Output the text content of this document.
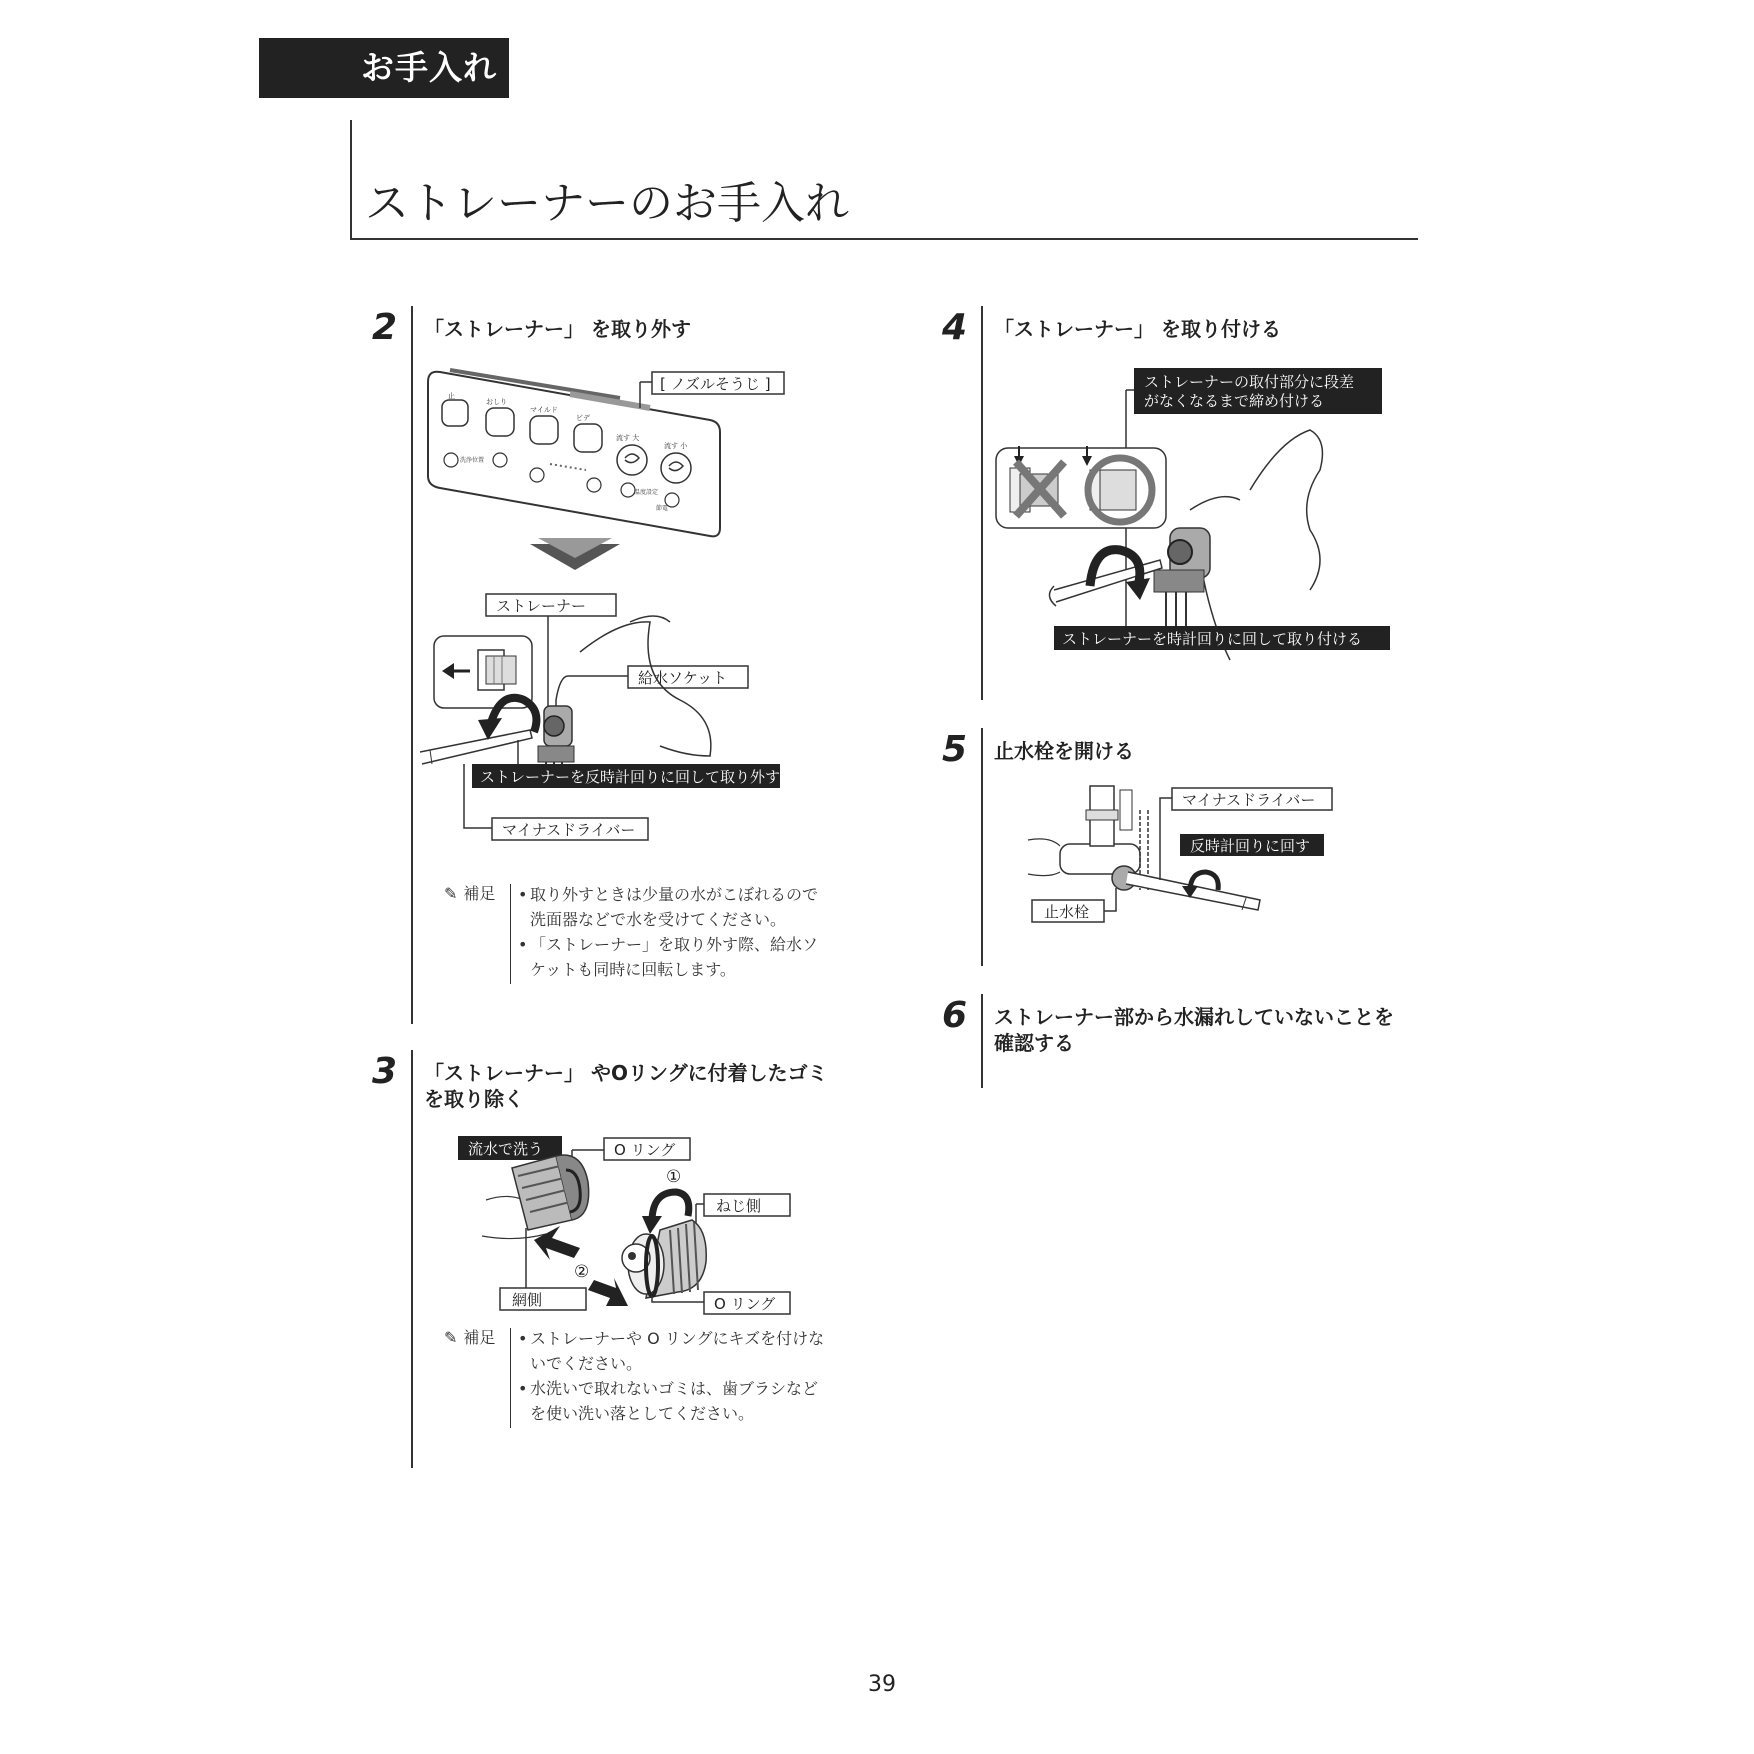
お手入れ
ストレーナーのお手入れ
2 「ストレーナー」 を取り外す
止
おしり
マイルド
ビデ
流す 大
流す 小
洗浄位置
温度設定
節電
[ ノズルそうじ ]
ストレーナー
給水ソケット
ストレーナーを反時計回りに回して取り外す
マイナスドライバー
✎ 補足	• 取り外すときは少量の水がこぼれるので洗面器などで水を受けてください。
• 「ストレーナー」を取り外す際、給水ソケットも同時に回転します。
3 「ストレーナー」 やOリングに付着したゴミ
を取り除く
流水で洗う	O リング
①
ねじ側
②
網側	O リング
✎ 補足	• ストレーナーや O リングにキズを付けないでください。
• 水洗いで取れないゴミは、歯ブラシなどを使い洗い落としてください。
4 「ストレーナー」 を取り付ける
ストレーナーの取付部分に段差
がなくなるまで締め付ける
ストレーナーを時計回りに回して取り付ける
5 止水栓を開ける
マイナスドライバー
反時計回りに回す
止水栓
6 ストレーナー部から水漏れしていないことを
確認する
39
